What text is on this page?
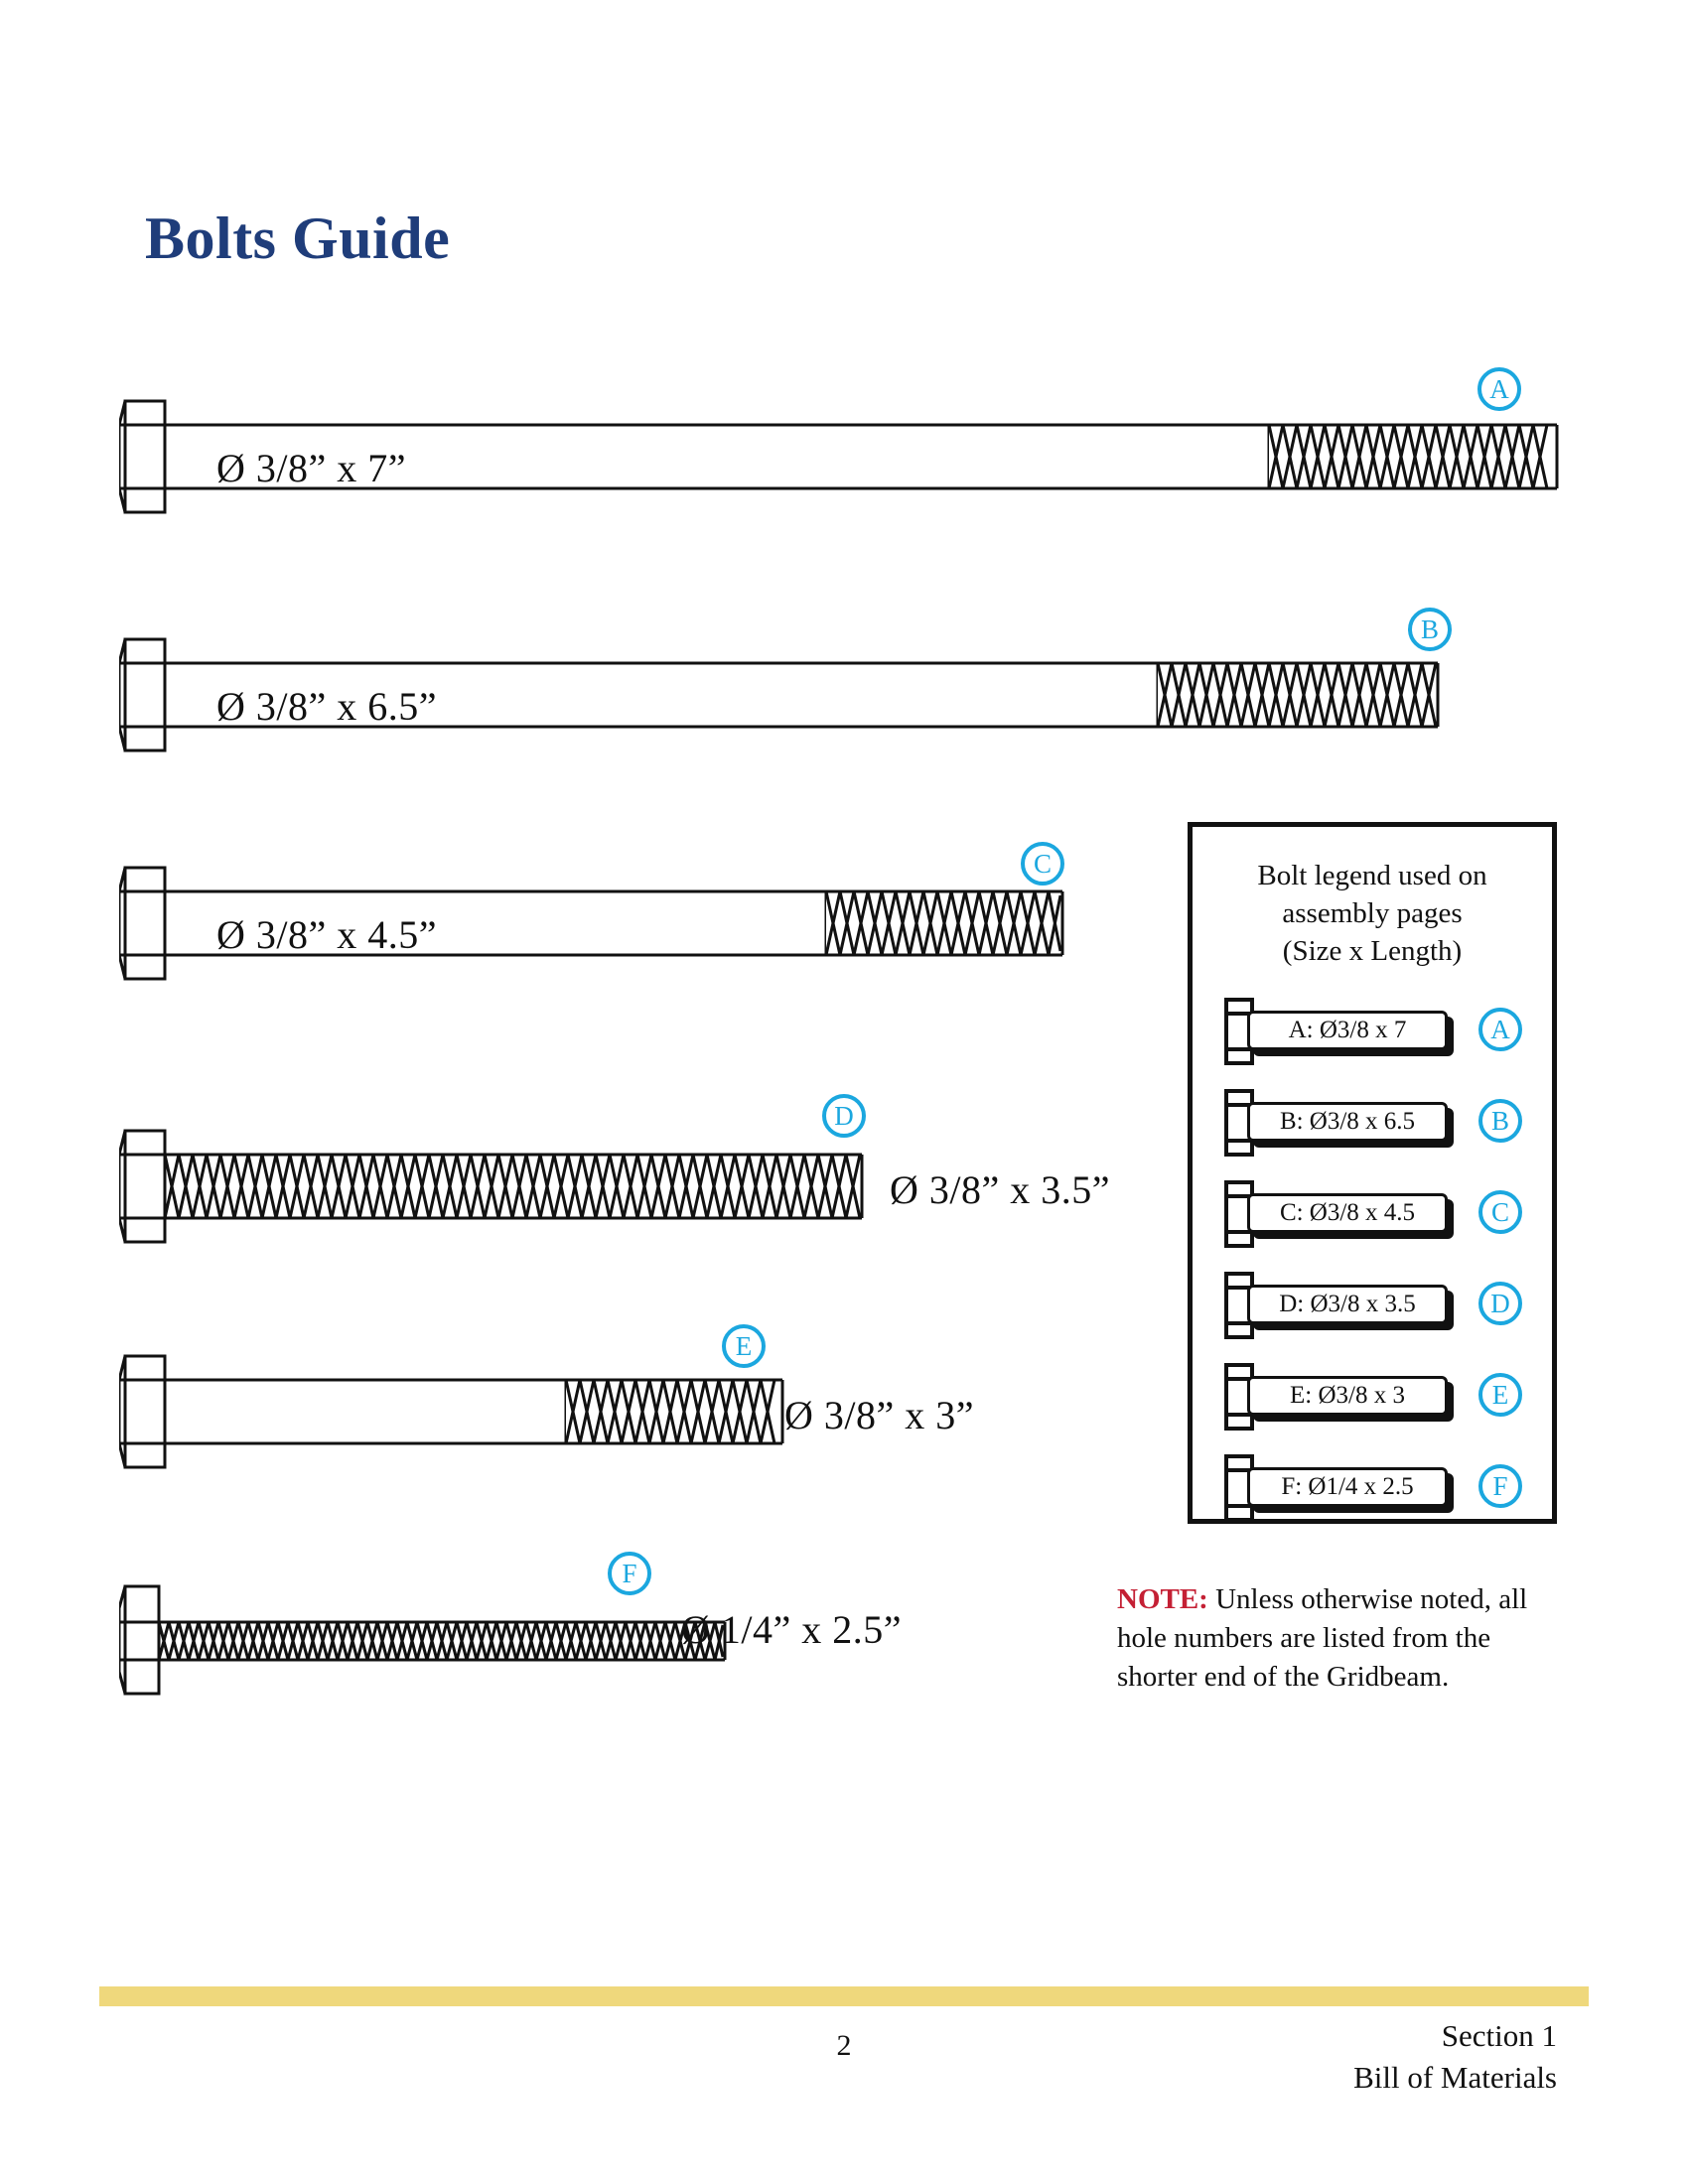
Bolts Guide
Ø 3/8” x 7”
A
Ø 3/8” x 6.5”
B
Ø 3/8” x 4.5”
C
Ø 3/8” x 3.5”
D
Ø 3/8” x 3”
E
Ø 1/4” x 2.5”
F
Bolt legend used on
assembly pages
(Size x Length)
A: Ø3/8 x 7	A
B: Ø3/8 x 6.5	B
C: Ø3/8 x 4.5	C
D: Ø3/8 x 3.5	D
E: Ø3/8 x 3	E
F: Ø1/4 x 2.5	F
NOTE: Unless otherwise noted, all hole numbers are listed from the shorter end of the Gridbeam.
2	Section 1
Bill of Materials
